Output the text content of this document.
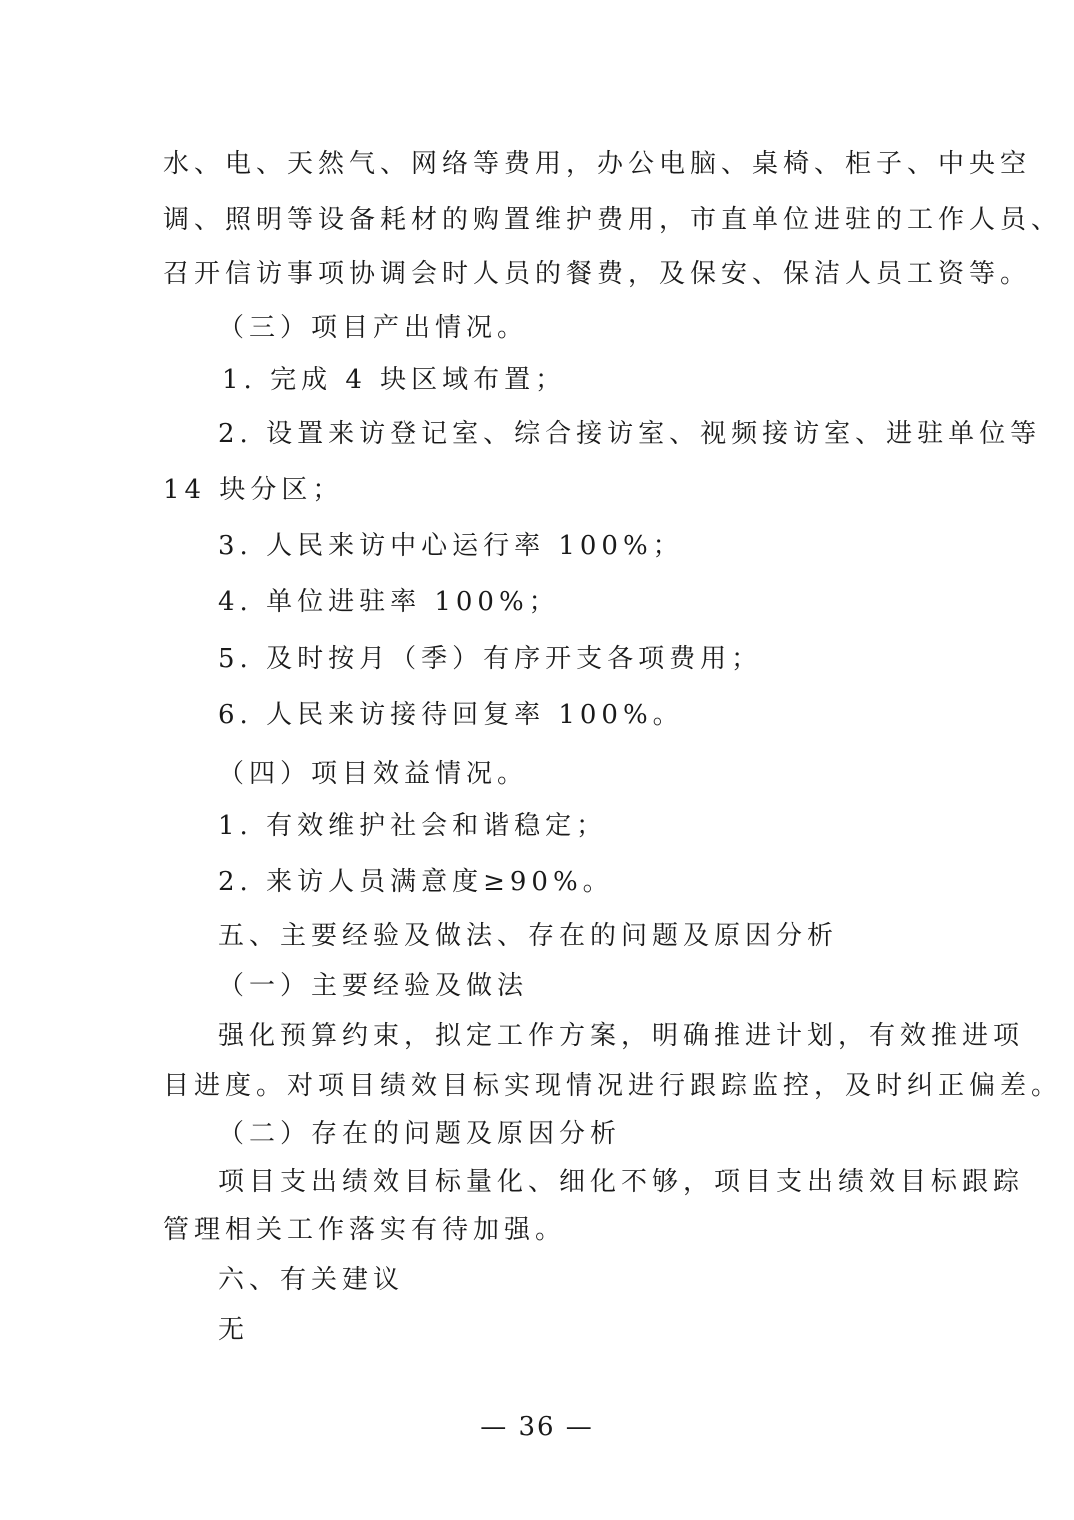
水、电、天然气、网络等费用，办公电脑、桌椅、柜子、中央空
调、照明等设备耗材的购置维护费用，市直单位进驻的工作人员、
召开信访事项协调会时人员的餐费，及保安、保洁人员工资等。
（三）项目产出情况。
1. 完成 4 块区域布置；
2. 设置来访登记室、综合接访室、视频接访室、进驻单位等
14 块分区；
3. 人民来访中心运行率 100%；
4. 单位进驻率 100%；
5. 及时按月（季）有序开支各项费用；
6. 人民来访接待回复率 100%。
（四）项目效益情况。
1. 有效维护社会和谐稳定；
2. 来访人员满意度≥90%。
五、主要经验及做法、存在的问题及原因分析
（一）主要经验及做法
强化预算约束，拟定工作方案，明确推进计划，有效推进项
目进度。对项目绩效目标实现情况进行跟踪监控，及时纠正偏差。
（二）存在的问题及原因分析
项目支出绩效目标量化、细化不够，项目支出绩效目标跟踪
管理相关工作落实有待加强。
六、有关建议
无
— 36 —
